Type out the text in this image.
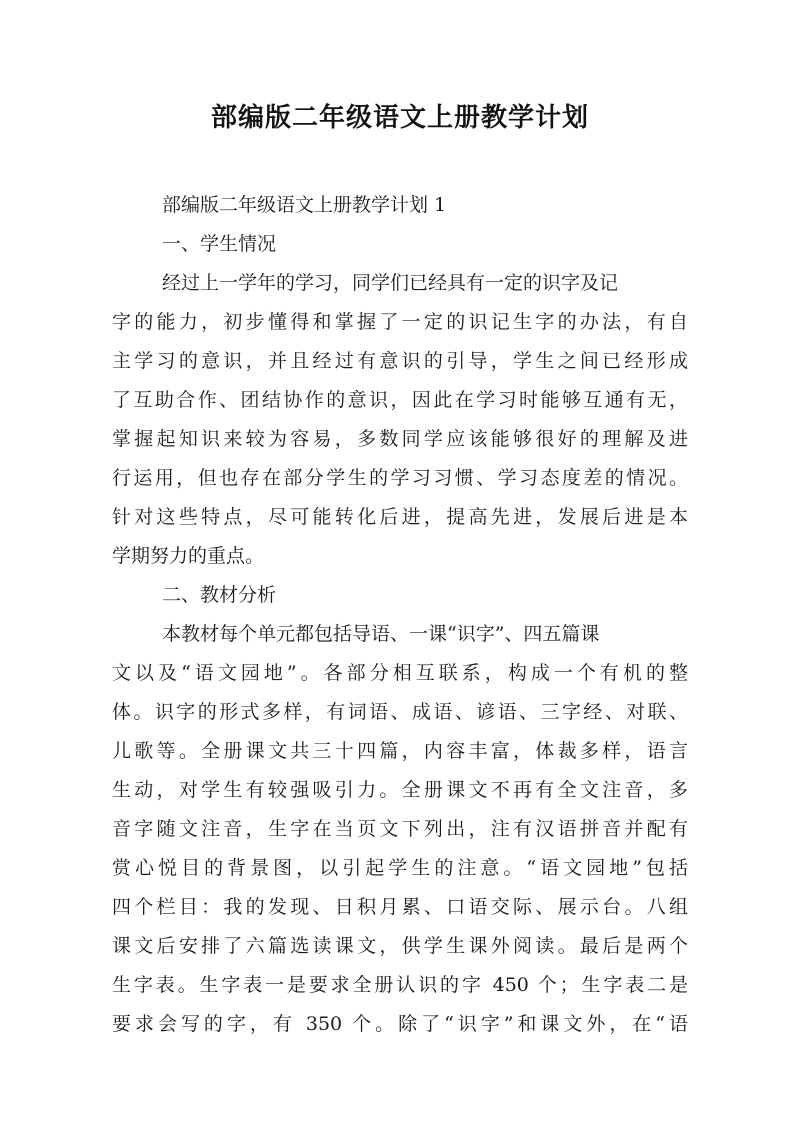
部编版二年级语文上册教学计划
部编版二年级语文上册教学计划 1
一、学生情况
经过上一学年的学习，同学们已经具有一定的识字及记
字的能力，初步懂得和掌握了一定的识记生字的办法，有自
主学习的意识，并且经过有意识的引导，学生之间已经形成
了互助合作、团结协作的意识，因此在学习时能够互通有无，
掌握起知识来较为容易，多数同学应该能够很好的理解及进
行运用，但也存在部分学生的学习习惯、学习态度差的情况。
针对这些特点，尽可能转化后进，提高先进，发展后进是本
学期努力的重点。
二、教材分析
本教材每个单元都包括导语、一课“识字”、四五篇课
文以及“语文园地”。各部分相互联系，构成一个有机的整
体。识字的形式多样，有词语、成语、谚语、三字经、对联、
儿歌等。全册课文共三十四篇，内容丰富，体裁多样，语言
生动，对学生有较强吸引力。全册课文不再有全文注音，多
音字随文注音，生字在当页文下列出，注有汉语拼音并配有
赏心悦目的背景图，以引起学生的注意。“语文园地”包括
四个栏目：我的发现、日积月累、口语交际、展示台。八组
课文后安排了六篇选读课文，供学生课外阅读。最后是两个
生字表。生字表一是要求全册认识的字 450 个；生字表二是
要求会写的字，有 350 个。除了“识字”和课文外，在“语
